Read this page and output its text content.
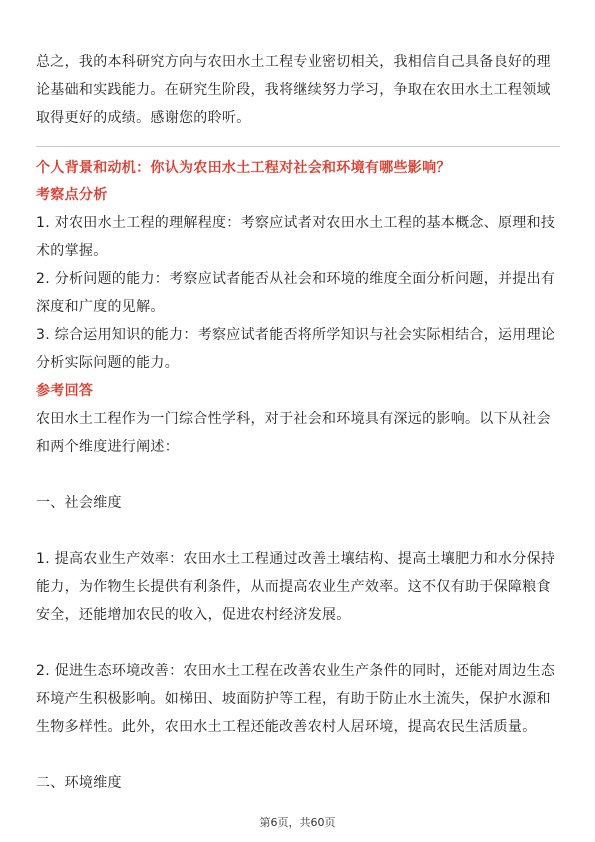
总之，我的本科研究方向与农田水土工程专业密切相关，我相信自己具备良好的理论基础和实践能力。在研究生阶段，我将继续努力学习，争取在农田水土工程领域取得更好的成绩。感谢您的聆听。

个人背景和动机：你认为农田水土工程对社会和环境有哪些影响？

考察点分析

1. 对农田水土工程的理解程度：考察应试者对农田水土工程的基本概念、原理和技术的掌握。

2. 分析问题的能力：考察应试者能否从社会和环境的维度全面分析问题，并提出有深度和广度的见解。

3. 综合运用知识的能力：考察应试者能否将所学知识与社会实际相结合，运用理论分析实际问题的能力。

参考回答

农田水土工程作为一门综合性学科，对于社会和环境具有深远的影响。以下从社会和两个维度进行阐述：

一、社会维度

1. 提高农业生产效率：农田水土工程通过改善土壤结构、提高土壤肥力和水分保持能力，为作物生长提供有利条件，从而提高农业生产效率。这不仅有助于保障粮食安全，还能增加农民的收入，促进农村经济发展。

2. 促进生态环境改善：农田水土工程在改善农业生产条件的同时，还能对周边生态环境产生积极影响。如梯田、坡面防护等工程，有助于防止水土流失，保护水源和生物多样性。此外，农田水土工程还能改善农村人居环境，提高农民生活质量。

二、环境维度

第6页，共60页
